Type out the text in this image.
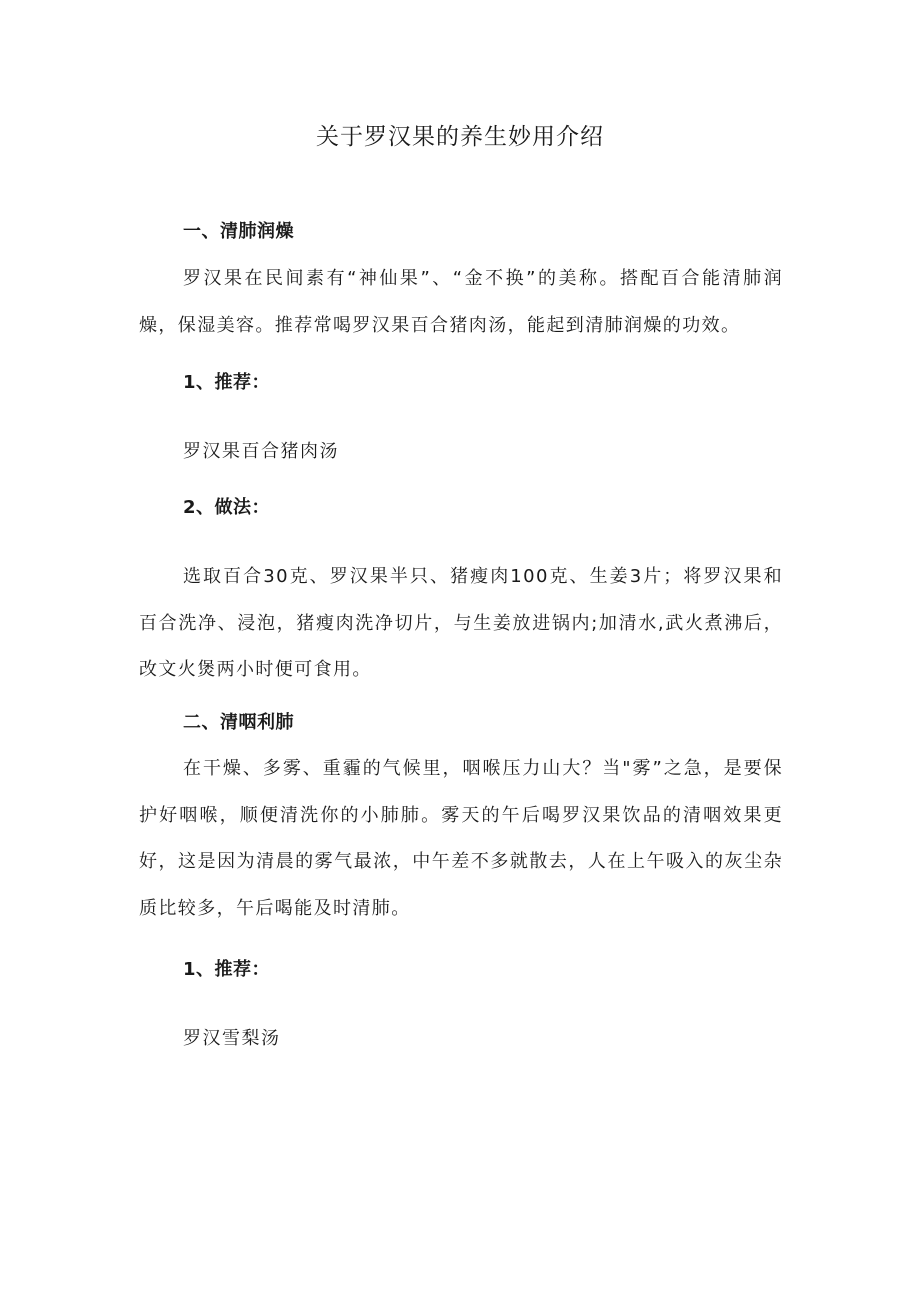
关于罗汉果的养生妙用介绍
一、清肺润燥

罗汉果在民间素有“神仙果”、“金不换”的美称。搭配百合能清肺润燥，保湿美容。推荐常喝罗汉果百合猪肉汤，能起到清肺润燥的功效。

1、推荐：

罗汉果百合猪肉汤

2、做法：

选取百合30克、罗汉果半只、猪瘦肉100克、生姜3片；将罗汉果和百合洗净、浸泡，猪瘦肉洗净切片，与生姜放进锅内;加清水,武火煮沸后，改文火煲两小时便可食用。

二、清咽利肺

在干燥、多雾、重霾的气候里，咽喉压力山大？当"雾”之急，是要保护好咽喉，顺便清洗你的小肺肺。雾天的午后喝罗汉果饮品的清咽效果更好，这是因为清晨的雾气最浓，中午差不多就散去，人在上午吸入的灰尘杂质比较多，午后喝能及时清肺。

1、推荐：

罗汉雪梨汤
